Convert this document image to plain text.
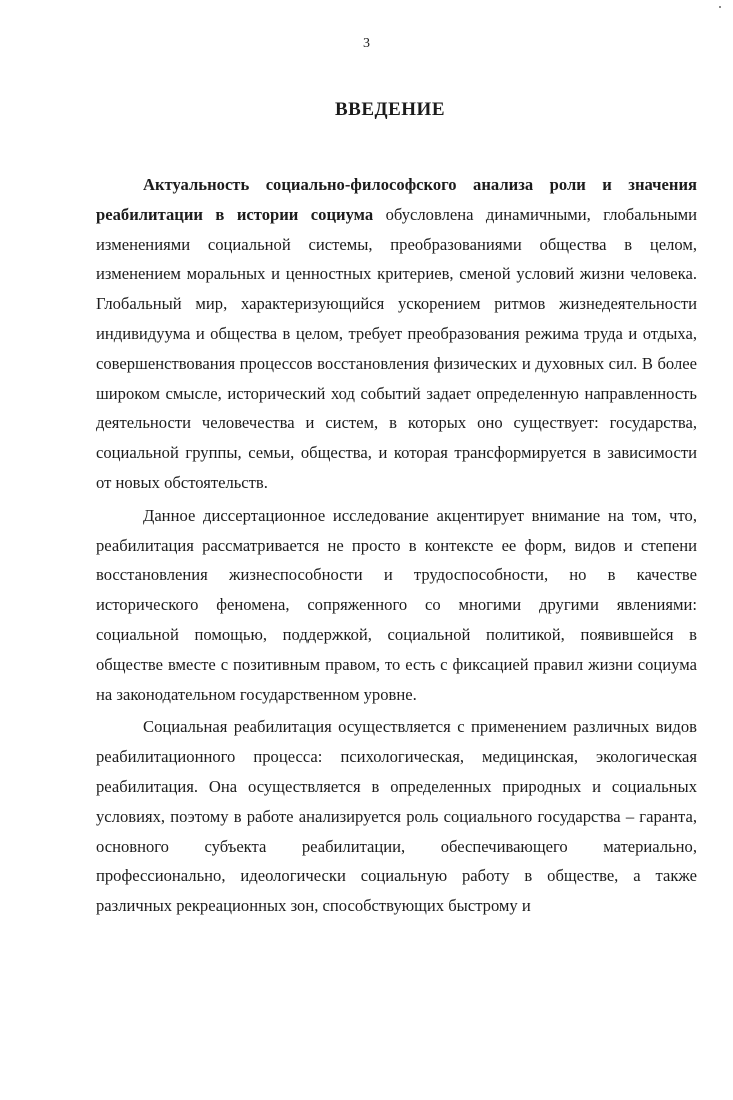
3
ВВЕДЕНИЕ

Актуальность социально-философского анализа роли и значения реабилитации в истории социума обусловлена динамичными, глобальными изменениями социальной системы, преобразованиями общества в целом, изменением моральных и ценностных критериев, сменой условий жизни человека. Глобальный мир, характеризующийся ускорением ритмов жизнедеятельности индивидуума и общества в целом, требует преобразования режима труда и отдыха, совершенствования процессов восстановления физических и духовных сил. В более широком смысле, исторический ход событий задает определенную направленность деятельности человечества и систем, в которых оно существует: государства, социальной группы, семьи, общества, и которая трансформируется в зависимости от новых обстоятельств.

Данное диссертационное исследование акцентирует внимание на том, что, реабилитация рассматривается не просто в контексте ее форм, видов и степени восстановления жизнеспособности и трудоспособности, но в качестве исторического феномена, сопряженного со многими другими явлениями: социальной помощью, поддержкой, социальной политикой, появившейся в обществе вместе с позитивным правом, то есть с фиксацией правил жизни социума на законодательном государственном уровне.

Социальная реабилитация осуществляется с применением различных видов реабилитационного процесса: психологическая, медицинская, экологическая реабилитация. Она осуществляется в определенных природных и социальных условиях, поэтому в работе анализируется роль социального государства – гаранта, основного субъекта реабилитации, обеспечивающего материально, профессионально, идеологически социальную работу в обществе, а также различных рекреационных зон, способствующих быстрому и
